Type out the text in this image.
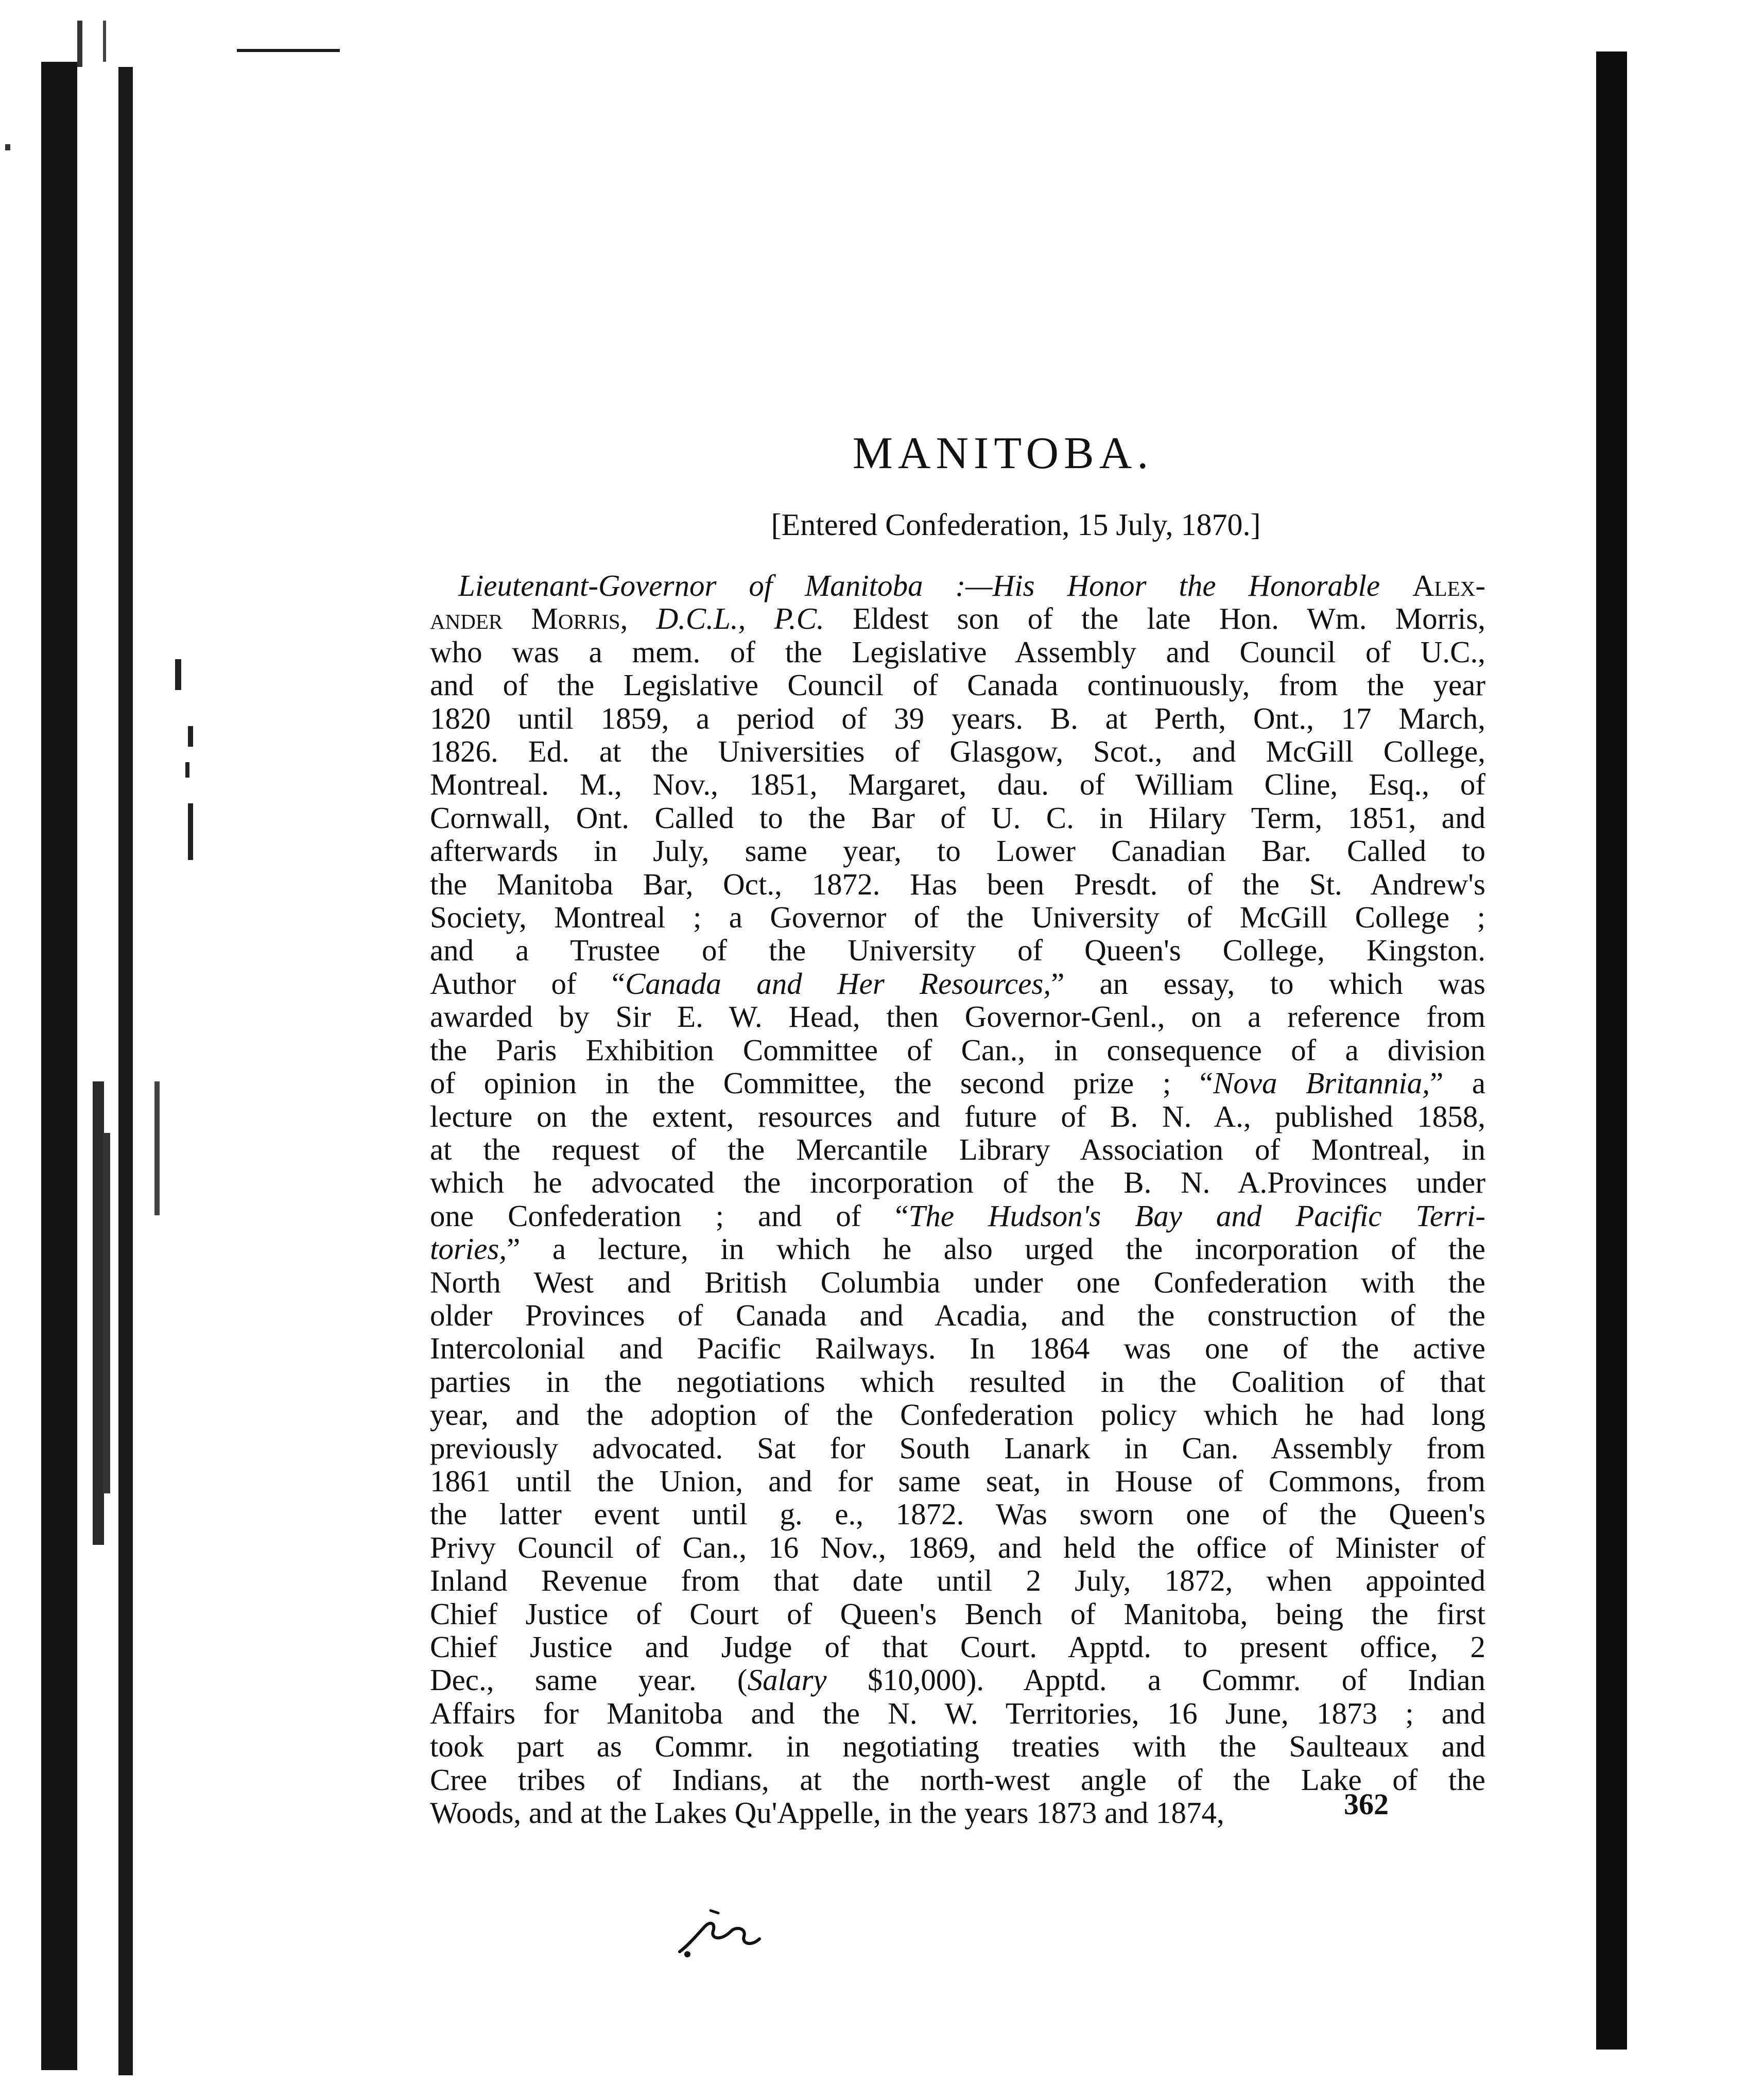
MANITOBA.
[Entered Confederation, 15 July, 1870.]
Lieutenant-Governor of Manitoba :—His Honor the Honorable Alex-
ander Morris, D.C.L., P.C. Eldest son of the late Hon. Wm. Morris,
who was a mem. of the Legislative Assembly and Council of U.C.,
and of the Legislative Council of Canada continuously, from the year
1820 until 1859, a period of 39 years. B. at Perth, Ont., 17 March,
1826. Ed. at the Universities of Glasgow, Scot., and McGill College,
Montreal. M., Nov., 1851, Margaret, dau. of William Cline, Esq., of
Cornwall, Ont. Called to the Bar of U. C. in Hilary Term, 1851, and
afterwards in July, same year, to Lower Canadian Bar. Called to
the Manitoba Bar, Oct., 1872. Has been Presdt. of the St. Andrew's
Society, Montreal ; a Governor of the University of McGill College ;
and a Trustee of the University of Queen's College, Kingston.
Author of “Canada and Her Resources,” an essay, to which was
awarded by Sir E. W. Head, then Governor-Genl., on a reference from
the Paris Exhibition Committee of Can., in consequence of a division
of opinion in the Committee, the second prize ; “Nova Britannia,” a
lecture on the extent, resources and future of B. N. A., published 1858,
at the request of the Mercantile Library Association of Montreal, in
which he advocated the incorporation of the B. N. A.Provinces under
one Confederation ; and of “The Hudson's Bay and Pacific Terri-
tories,” a lecture, in which he also urged the incorporation of the
North West and British Columbia under one Confederation with the
older Provinces of Canada and Acadia, and the construction of the
Intercolonial and Pacific Railways. In 1864 was one of the active
parties in the negotiations which resulted in the Coalition of that
year, and the adoption of the Confederation policy which he had long
previously advocated. Sat for South Lanark in Can. Assembly from
1861 until the Union, and for same seat, in House of Commons, from
the latter event until g. e., 1872. Was sworn one of the Queen's
Privy Council of Can., 16 Nov., 1869, and held the office of Minister of
Inland Revenue from that date until 2 July, 1872, when appointed
Chief Justice of Court of Queen's Bench of Manitoba, being the first
Chief Justice and Judge of that Court. Apptd. to present office, 2
Dec., same year. (Salary $10,000). Apptd. a Commr. of Indian
Affairs for Manitoba and the N. W. Territories, 16 June, 1873 ; and
took part as Commr. in negotiating treaties with the Saulteaux and
Cree tribes of Indians, at the north-west angle of the Lake of the
Woods, and at the Lakes Qu'Appelle, in the years 1873 and 1874,	362
